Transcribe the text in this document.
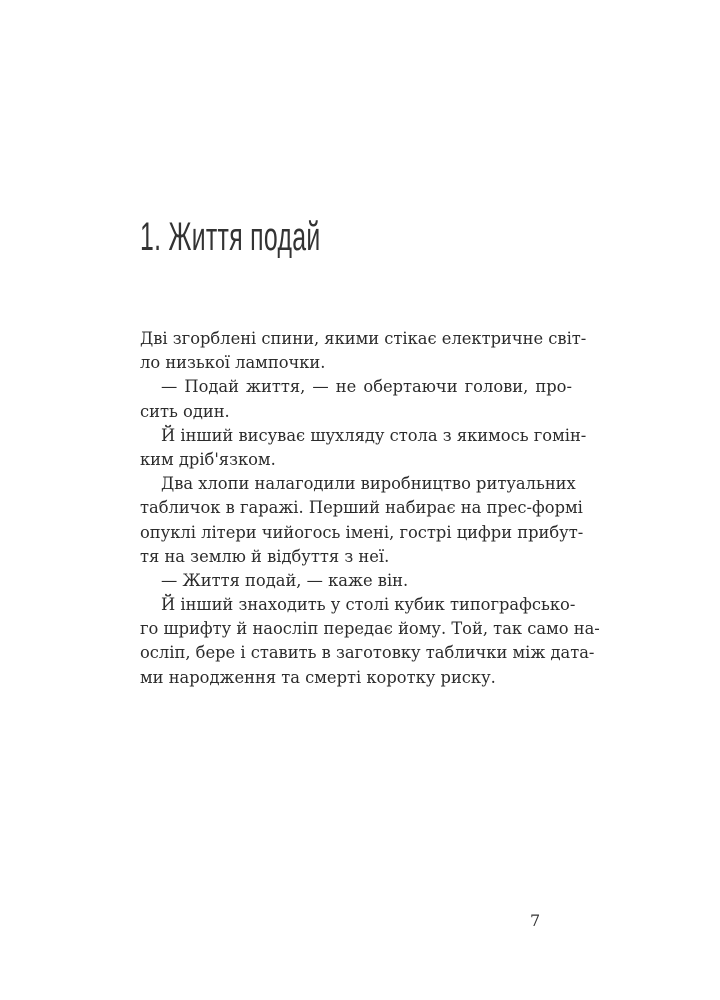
1. Життя подай
Дві згорблені спини, якими стікає електричне світ-
ло низької лампочки.
— Подай життя, — не обертаючи голови, про-
сить один.
Й інший висуває шухляду стола з якимось гомін-
ким дріб'язком.
Два хлопи налагодили виробництво ритуальних
табличок в гаражі. Перший набирає на прес-формі
опуклі літери чийогось імені, гострі цифри прибут-
тя на землю й відбуття з неї.
— Життя подай, — каже він.
Й інший знаходить у столі кубик типографсько-
го шрифту й наосліп передає йому. Той, так само на-
осліп, бере і ставить в заготовку таблички між дата-
ми народження та смерті коротку риску.
7
